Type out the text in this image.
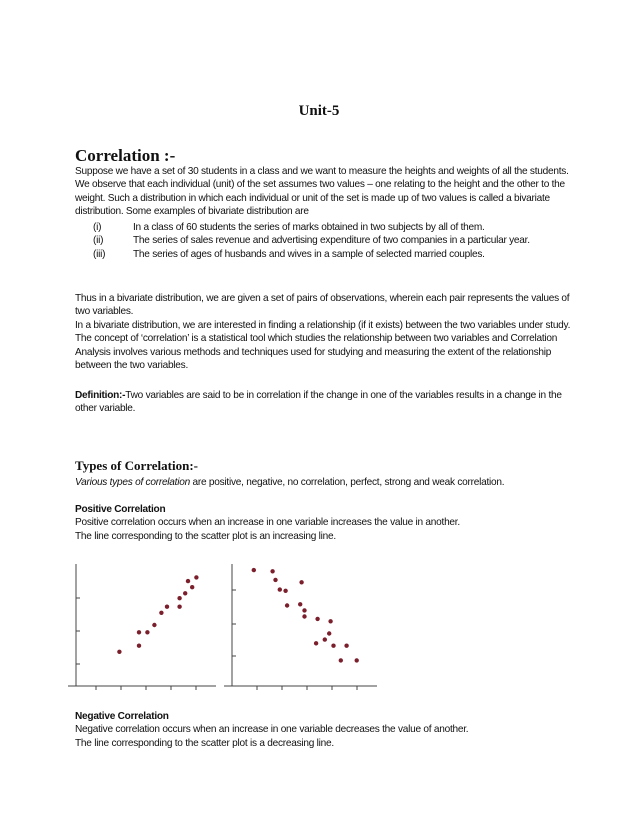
Unit-5
Correlation :-

Suppose we have a set of 30 students in a class and we want to measure the heights and weights of all the students. We observe that each individual (unit) of the set assumes two values – one relating to the height and the other to the weight. Such a distribution in which each individual or unit of the set is made up of two values is called a bivariate distribution. Some examples of bivariate distribution are

(i)	In a class of 60 students the series of marks obtained in two subjects by all of them.
(ii)	The series of sales revenue and advertising expenditure of two companies in a particular year.
(iii)	The series of ages of husbands and wives in a sample of selected married couples.

Thus in a bivariate distribution, we are given a set of pairs of observations, wherein each pair represents the values of two variables.

In a bivariate distribution, we are interested in finding a relationship (if it exists) between the two variables under study. The concept of ‘correlation’ is a statistical tool which studies the relationship between two variables and Correlation Analysis involves various methods and techniques used for studying and measuring the extent of the relationship between the two variables.

Definition:-Two variables are said to be in correlation if the change in one of the variables results in a change in the other variable.

Types of Correlation:-

Various types of correlation are positive, negative, no correlation, perfect, strong and weak correlation.

Positive Correlation

Positive correlation occurs when an increase in one variable increases the value in another.

The line corresponding to the scatter plot is an increasing line.

Negative Correlation

Negative correlation occurs when an increase in one variable decreases the value of another.

The line corresponding to the scatter plot is a decreasing line.
